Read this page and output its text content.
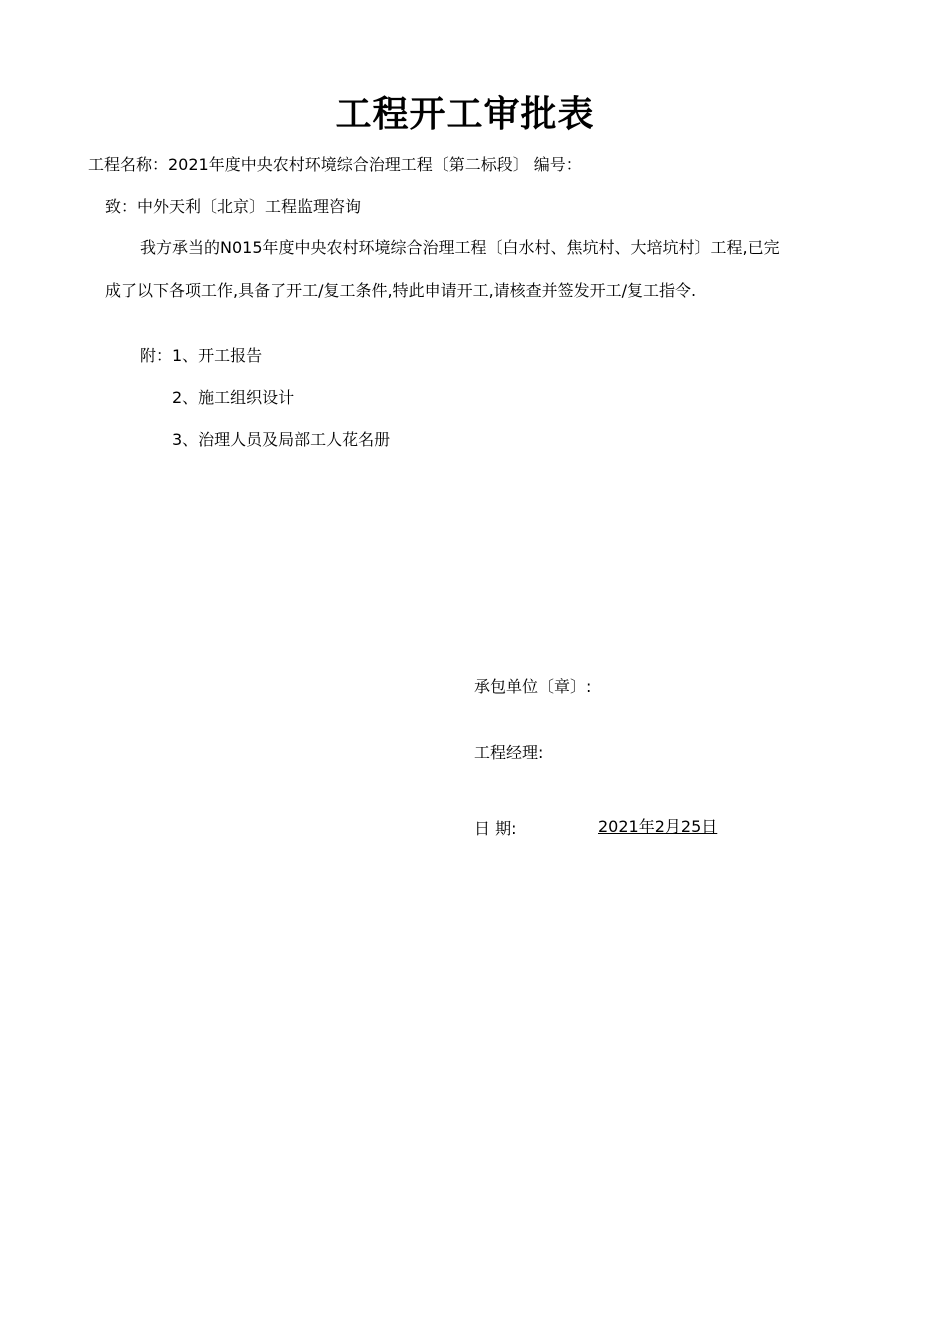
工程开工审批表
工程名称：2021年度中央农村环境综合治理工程〔第二标段〕 编号：
致：中外天利〔北京〕工程监理咨询
我方承当的N015年度中央农村环境综合治理工程〔白水村、焦坑村、大培坑村〕工程,已完
成了以下各项工作,具备了开工/复工条件,特此申请开工,请核查并签发开工/复工指令.
附：1、开工报告
2、施工组织设计
3、治理人员及局部工人花名册
承包单位〔章〕:
工程经理:
日 期:	2021年2月25日
